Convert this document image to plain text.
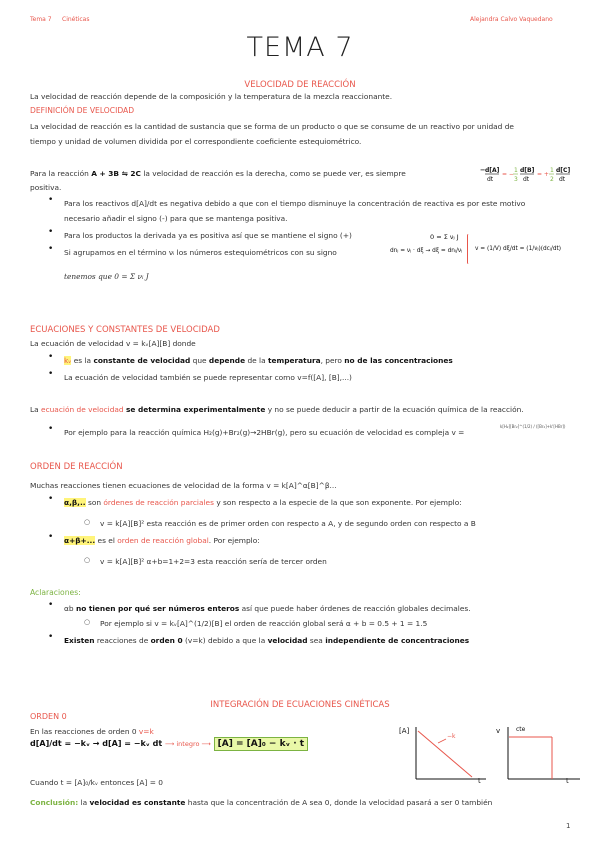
Tema 7 Cinéticas	Alejandra Calvo Vaquedano
TEMA 7
VELOCIDAD DE REACCIÓN
La velocidad de reacción depende de la composición y la temperatura de la mezcla reaccionante.
DEFINICIÓN DE VELOCIDAD
La velocidad de reacción es la cantidad de sustancia que se forma de un producto o que se consume de un reactivo por unidad de
tiempo y unidad de volumen dividida por el correspondiente coeficiente estequiométrico.
Para la reacción A + 3B ⇋ 2C la velocidad de reacción es la derecha, como se puede ver, es siempre
positiva.
− d[A]
dt
= −
1
3
d[B]
dt
= +
1
2
d[C]
dt
• Para los reactivos d[A]/dt es negativa debido a que con el tiempo disminuye la concentración de reactiva es por este motivo
necesario añadir el signo (-) para que se mantenga positiva.
• Para los productos la derivada ya es positiva así que se mantiene el signo (+)
• Si agrupamos en el término νᵢ los números estequiométricos con su signo
tenemos que 0 = Σ νᵢ J
0 = Σ νⱼ J
dnⱼ = νⱼ · dξ → dξ = dnⱼ/νⱼ v = (1/V) dξ/dt = (1/νⱼ)(dcⱼ/dt)
ECUACIONES Y CONSTANTES DE VELOCIDAD
La ecuación de velocidad v = kᵥ[A][B] donde
• kᵥ es la constante de velocidad que depende de la temperatura, pero no de las concentraciones
• La ecuación de velocidad también se puede representar como v=f([A], [B],...)
La ecuación de velocidad se determina experimentalmente y no se puede deducir a partir de la ecuación química de la reacción.
• Por ejemplo para la reacción química H₂(g)+Br₂(g)→2HBr(g), pero su ecuación de velocidad es compleja v =
k[H₂][Br₂]^(1/2) / ([Br₂]+k'[HBr])
ORDEN DE REACCIÓN
Muchas reacciones tienen ecuaciones de velocidad de la forma v = k[A]^α[B]^β...
• α,β,.. son órdenes de reacción parciales y son respecto a la especie de la que son exponente. Por ejemplo:
○ v = k[A][B]² esta reacción es de primer orden con respecto a A, y de segundo orden con respecto a B
• α+β+... es el orden de reacción global. Por ejemplo:
○ v = k[A][B]² α+b=1+2=3 esta reacción sería de tercer orden
Aclaraciones:
• αb no tienen por qué ser números enteros así que puede haber órdenes de reacción globales decimales.
○ Por ejemplo si v = kᵥ[A]^(1/2)[B] el orden de reacción global será α + b = 0.5 + 1 = 1.5
• Existen reacciones de orden 0 (v=k) debido a que la velocidad sea independiente de concentraciones
INTEGRACIÓN DE ECUACIONES CINÉTICAS
ORDEN 0
En las reacciones de orden 0 v=k
d[A]/dt = −kᵥ → d[A] = −kᵥ dt ⟶ integro ⟶ [A] = [A]₀ − kᵥ · t
Cuando t = [A]₀/kᵥ entonces [A] = 0
Conclusión: la velocidad es constante hasta que la concentración de A sea 0, donde la velocidad pasará a ser 0 también
[A]
t
−k
v
t
cte
1
